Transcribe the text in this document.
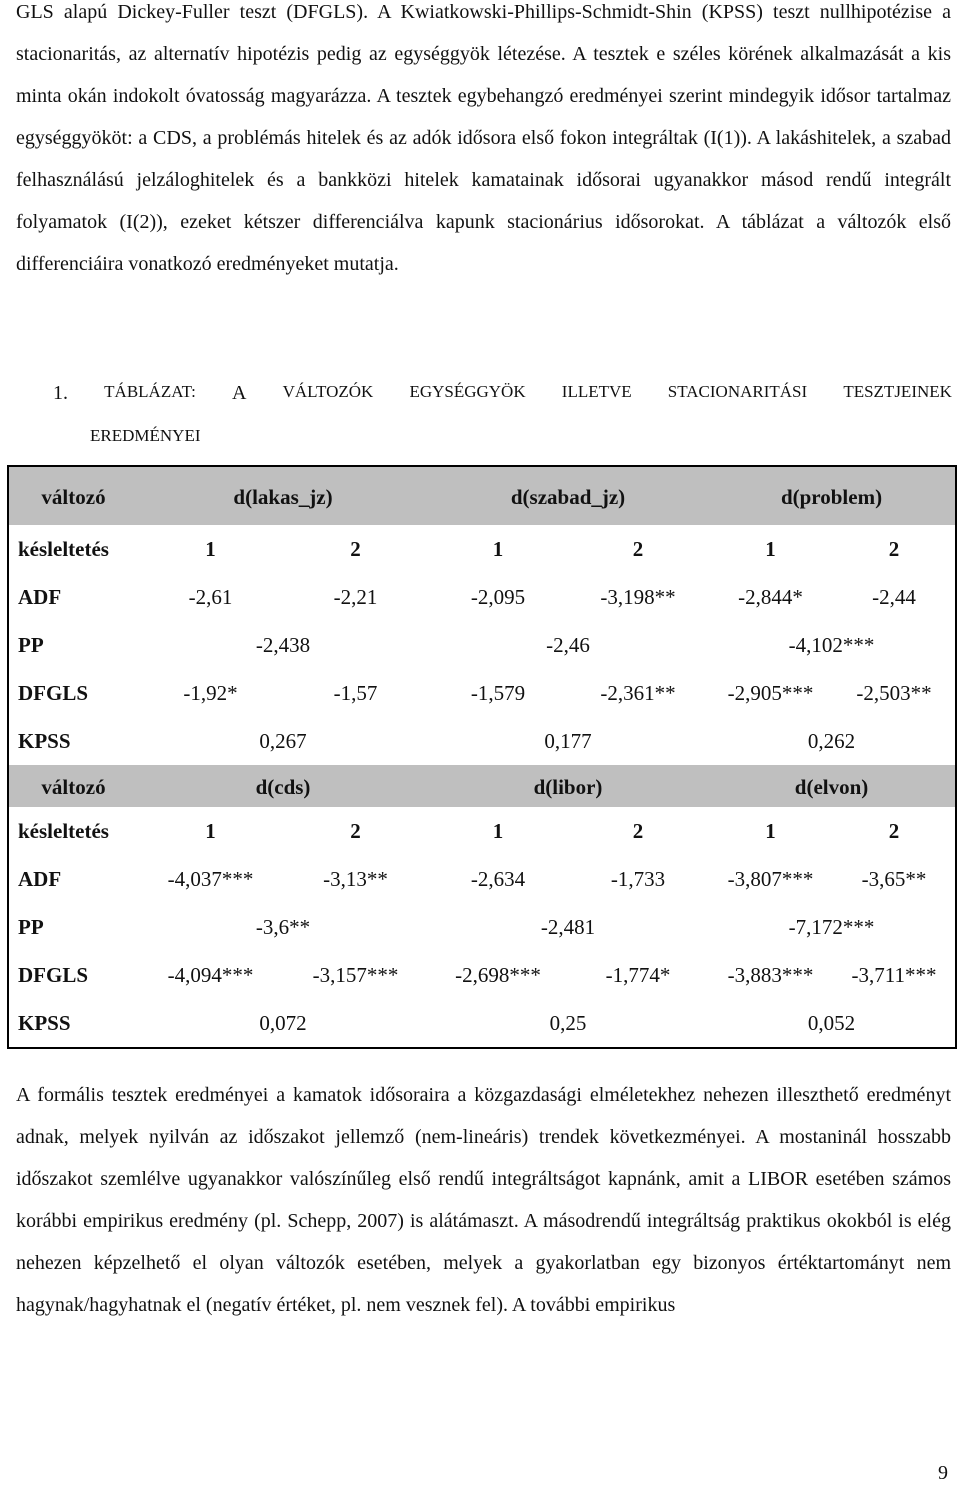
GLS alapú Dickey-Fuller teszt (DFGLS). A Kwiatkowski-Phillips-Schmidt-Shin (KPSS) teszt nullhipotézise a stacionaritás, az alternatív hipotézis pedig az egységgyök létezése. A tesztek e széles körének alkalmazását a kis minta okán indokolt óvatosság magyarázza. A tesztek egybehangzó eredményei szerint mindegyik idősor tartalmaz egységgyököt: a CDS, a problémás hitelek és az adók idősora első fokon integráltak (I(1)). A lakáshitelek, a szabad felhasználású jelzáloghitelek és a bankközi hitelek kamatainak idősorai ugyanakkor másod rendű integrált folyamatok (I(2)), ezeket kétszer differenciálva kapunk stacionárius idősorokat. A táblázat a változók első differenciáira vonatkozó eredményeket mutatja.
1. TÁBLÁZAT: A VÁLTOZÓK EGYSÉGGYÖK ILLETVE STACIONARITÁSI TESZTJEINEK
EREDMÉNYEI
változó	d(lakas_jz)		d(szabad_jz)		d(problem)	
késleltetés	1	2	1	2	1	2
ADF	-2,61	-2,21	-2,095	-3,198**	-2,844*	-2,44
PP	-2,438		-2,46		-4,102***	
DFGLS	-1,92*	-1,57	-1,579	-2,361**	-2,905***	-2,503**
KPSS	0,267		0,177		0,262	
változó	d(cds)		d(libor)		d(elvon)	
késleltetés	1	2	1	2	1	2
ADF	-4,037***	-3,13**	-2,634	-1,733	-3,807***	-3,65**
PP	-3,6**		-2,481		-7,172***	
DFGLS	-4,094***	-3,157***	-2,698***	-1,774*	-3,883***	-3,711***
KPSS	0,072		0,25		0,052	
A formális tesztek eredményei a kamatok idősoraira a közgazdasági elméletekhez nehezen illeszthető eredményt adnak, melyek nyilván az időszakot jellemző (nem-lineáris) trendek következményei. A mostaninál hosszabb időszakot szemlélve ugyanakkor valószínűleg első rendű integráltságot kapnánk, amit a LIBOR esetében számos korábbi empirikus eredmény (pl. Schepp, 2007) is alátámaszt. A másodrendű integráltság praktikus okokból is elég nehezen képzelhető el olyan változók esetében, melyek a gyakorlatban egy bizonyos értéktartományt nem hagynak/hagyhatnak el (negatív értéket, pl. nem vesznek fel). A további empirikus
9
